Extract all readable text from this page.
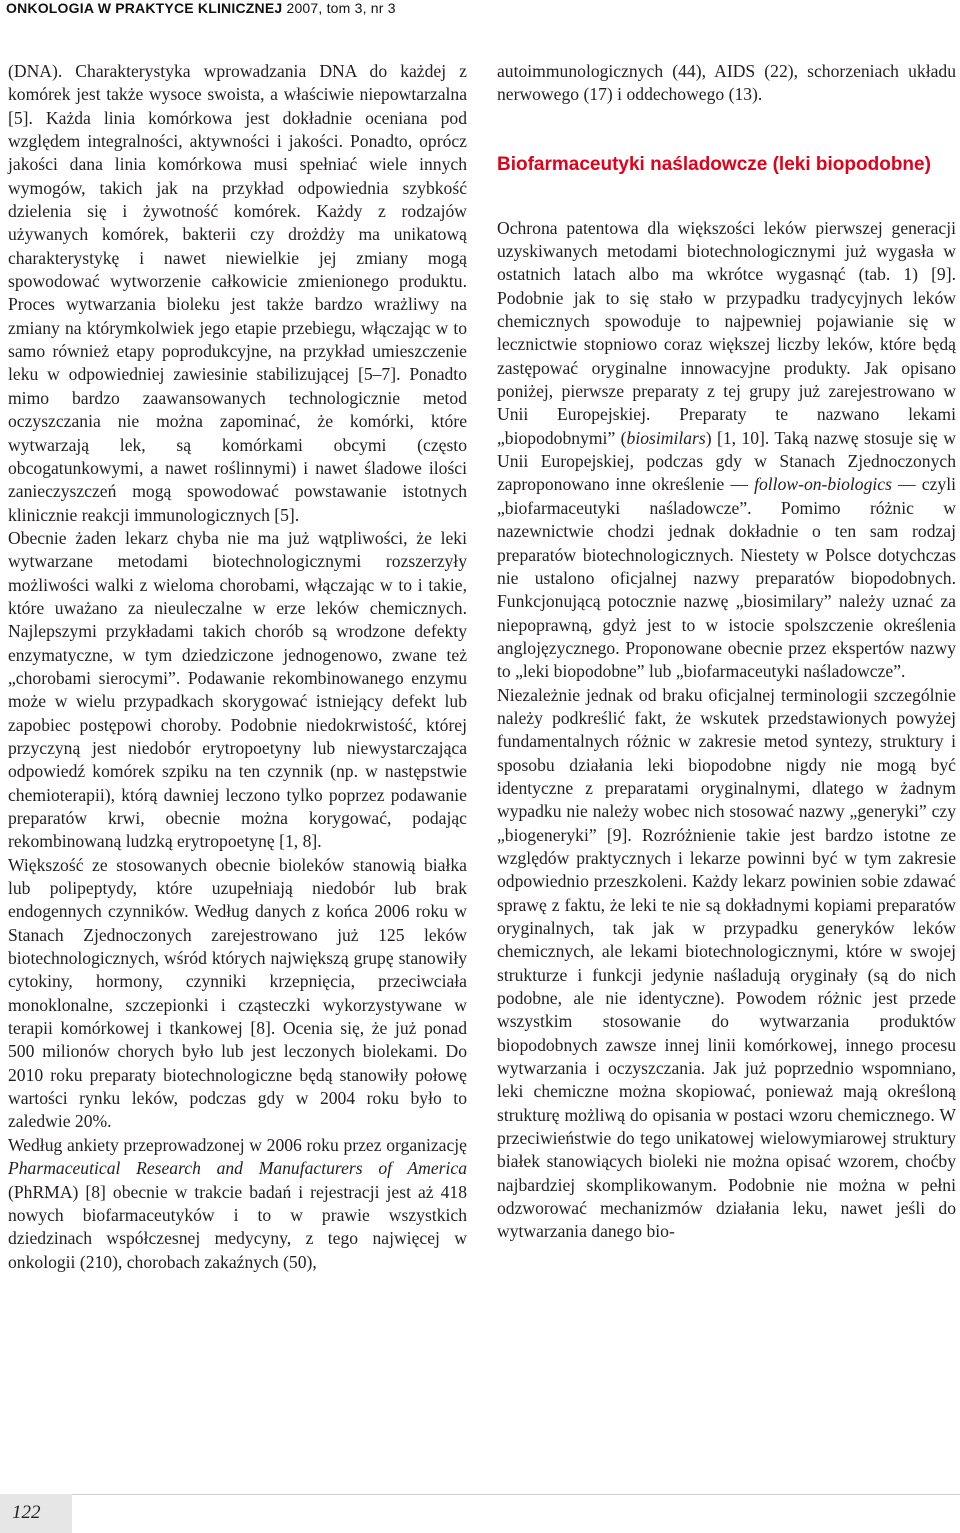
ONKOLOGIA W PRAKTYCE KLINICZNEJ 2007, tom 3, nr 3

(DNA). Charakterystyka wprowadzania DNA do każdej z komórek jest także wysoce swoista, a właściwie niepowtarzalna [5]. Każda linia komórkowa jest dokładnie oceniana pod względem integralności, aktywności i jakości. Ponadto, oprócz jakości dana linia komórkowa musi spełniać wiele innych wymogów, takich jak na przykład odpowiednia szybkość dzielenia się i żywotność komórek. Każdy z rodzajów używanych komórek, bakterii czy drożdży ma unikatową charakterystykę i nawet niewielkie jej zmiany mogą spowodować wytworzenie całkowicie zmienionego produktu. Proces wytwarzania bioleku jest także bardzo wrażliwy na zmiany na którymkolwiek jego etapie przebiegu, włączając w to samo również etapy poprodukcyjne, na przykład umieszczenie leku w odpowiedniej zawiesinie stabilizującej [5–7]. Ponadto mimo bardzo zaawansowanych technologicznie metod oczyszczania nie można zapominać, że komórki, które wytwarzają lek, są komórkami obcymi (często obcogatunkowymi, a nawet roślinnymi) i nawet śladowe ilości zanieczyszczeń mogą spowodować powstawanie istotnych klinicznie reakcji immunologicznych [5].

Obecnie żaden lekarz chyba nie ma już wątpliwości, że leki wytwarzane metodami biotechnologicznymi rozszerzyły możliwości walki z wieloma chorobami, włączając w to i takie, które uważano za nieuleczalne w erze leków chemicznych. Najlepszymi przykładami takich chorób są wrodzone defekty enzymatyczne, w tym dziedziczone jednogenowo, zwane też „chorobami sierocymi”. Podawanie rekombinowanego enzymu może w wielu przypadkach skorygować istniejący defekt lub zapobiec postępowi choroby. Podobnie niedokrwistość, której przyczyną jest niedobór erytropoetyny lub niewystarczająca odpowiedź komórek szpiku na ten czynnik (np. w następstwie chemioterapii), którą dawniej leczono tylko poprzez podawanie preparatów krwi, obecnie można korygować, podając rekombinowaną ludzką erytropoetynę [1, 8].

Większość ze stosowanych obecnie bioleków stanowią białka lub polipeptydy, które uzupełniają niedobór lub brak endogennych czynników. Według danych z końca 2006 roku w Stanach Zjednoczonych zarejestrowano już 125 leków biotechnologicznych, wśród których największą grupę stanowiły cytokiny, hormony, czynniki krzepnięcia, przeciwciała monoklonalne, szczepionki i cząsteczki wykorzystywane w terapii komórkowej i tkankowej [8]. Ocenia się, że już ponad 500 milionów chorych było lub jest leczonych biolekami. Do 2010 roku preparaty biotechnologiczne będą stanowiły połowę wartości rynku leków, podczas gdy w 2004 roku było to zaledwie 20%.

Według ankiety przeprowadzonej w 2006 roku przez organizację Pharmaceutical Research and Manufacturers of America (PhRMA) [8] obecnie w trakcie badań i rejestracji jest aż 418 nowych biofarmaceutyków i to w prawie wszystkich dziedzinach współczesnej medycyny, z tego najwięcej w onkologii (210), chorobach zakaźnych (50),

autoimmunologicznych (44), AIDS (22), schorzeniach układu nerwowego (17) i oddechowego (13).

Biofarmaceutyki naśladowcze (leki biopodobne)

Ochrona patentowa dla większości leków pierwszej generacji uzyskiwanych metodami biotechnologicznymi już wygasła w ostatnich latach albo ma wkrótce wygasnąć (tab. 1) [9]. Podobnie jak to się stało w przypadku tradycyjnych leków chemicznych spowoduje to najpewniej pojawianie się w lecznictwie stopniowo coraz większej liczby leków, które będą zastępować oryginalne innowacyjne produkty. Jak opisano poniżej, pierwsze preparaty z tej grupy już zarejestrowano w Unii Europejskiej. Preparaty te nazwano lekami „biopodobnymi” (biosimilars) [1, 10]. Taką nazwę stosuje się w Unii Europejskiej, podczas gdy w Stanach Zjednoczonych zaproponowano inne określenie — follow-on-biologics — czyli „biofarmaceutyki naśladowcze”. Pomimo różnic w nazewnictwie chodzi jednak dokładnie o ten sam rodzaj preparatów biotechnologicznych. Niestety w Polsce dotychczas nie ustalono oficjalnej nazwy preparatów biopodobnych. Funkcjonującą potocznie nazwę „biosimilary” należy uznać za niepoprawną, gdyż jest to w istocie spolszczenie określenia anglojęzycznego. Proponowane obecnie przez ekspertów nazwy to „leki biopodobne” lub „biofarmaceutyki naśladowcze”.

Niezależnie jednak od braku oficjalnej terminologii szczególnie należy podkreślić fakt, że wskutek przedstawionych powyżej fundamentalnych różnic w zakresie metod syntezy, struktury i sposobu działania leki biopodobne nigdy nie mogą być identyczne z preparatami oryginalnymi, dlatego w żadnym wypadku nie należy wobec nich stosować nazwy „generyki” czy „biogeneryki” [9]. Rozróżnienie takie jest bardzo istotne ze względów praktycznych i lekarze powinni być w tym zakresie odpowiednio przeszkoleni. Każdy lekarz powinien sobie zdawać sprawę z faktu, że leki te nie są dokładnymi kopiami preparatów oryginalnych, tak jak w przypadku generyków leków chemicznych, ale lekami biotechnologicznymi, które w swojej strukturze i funkcji jedynie naśladują oryginały (są do nich podobne, ale nie identyczne). Powodem różnic jest przede wszystkim stosowanie do wytwarzania produktów biopodobnych zawsze innej linii komórkowej, innego procesu wytwarzania i oczyszczania. Jak już poprzednio wspomniano, leki chemiczne można skopiować, ponieważ mają określoną strukturę możliwą do opisania w postaci wzoru chemicznego. W przeciwieństwie do tego unikatowej wielowymiarowej struktury białek stanowiących bioleki nie można opisać wzorem, choćby najbardziej skomplikowanym. Podobnie nie można w pełni odzworować mechanizmów działania leku, nawet jeśli do wytwarzania danego bio-

122
